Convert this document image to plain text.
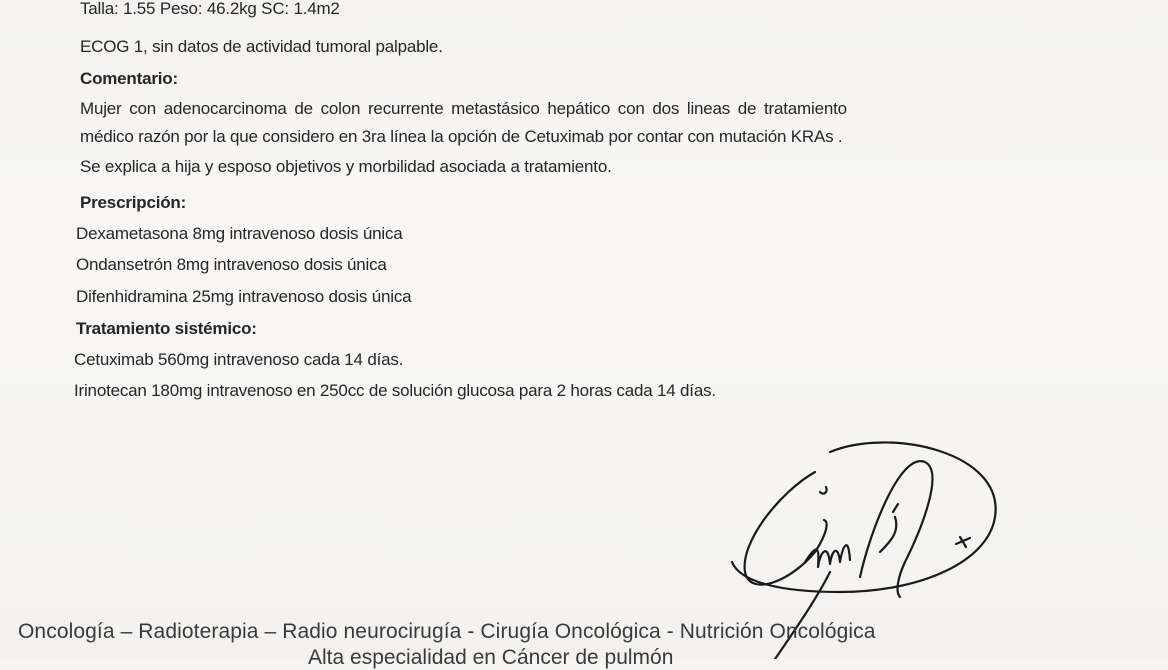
Talla: 1.55 Peso: 46.2kg SC: 1.4m2
ECOG 1, sin datos de actividad tumoral palpable.
Comentario:
Mujer con adenocarcinoma de colon recurrente metastásico hepático con dos lineas de tratamiento
médico razón por la que considero en 3ra línea la opción de Cetuximab por contar con mutación KRAs .
Se explica a hija y esposo objetivos y morbilidad asociada a tratamiento.
Prescripción:
Dexametasona 8mg intravenoso dosis única
Ondansetrón 8mg intravenoso dosis única
Difenhidramina 25mg intravenoso dosis única
Tratamiento sistémico:
Cetuximab 560mg intravenoso cada 14 días.
Irinotecan 180mg intravenoso en 250cc de solución glucosa para 2 horas cada 14 días.
Oncología – Radioterapia – Radio neurocirugía - Cirugía Oncológica - Nutrición Oncológica
Alta especialidad en Cáncer de pulmón
